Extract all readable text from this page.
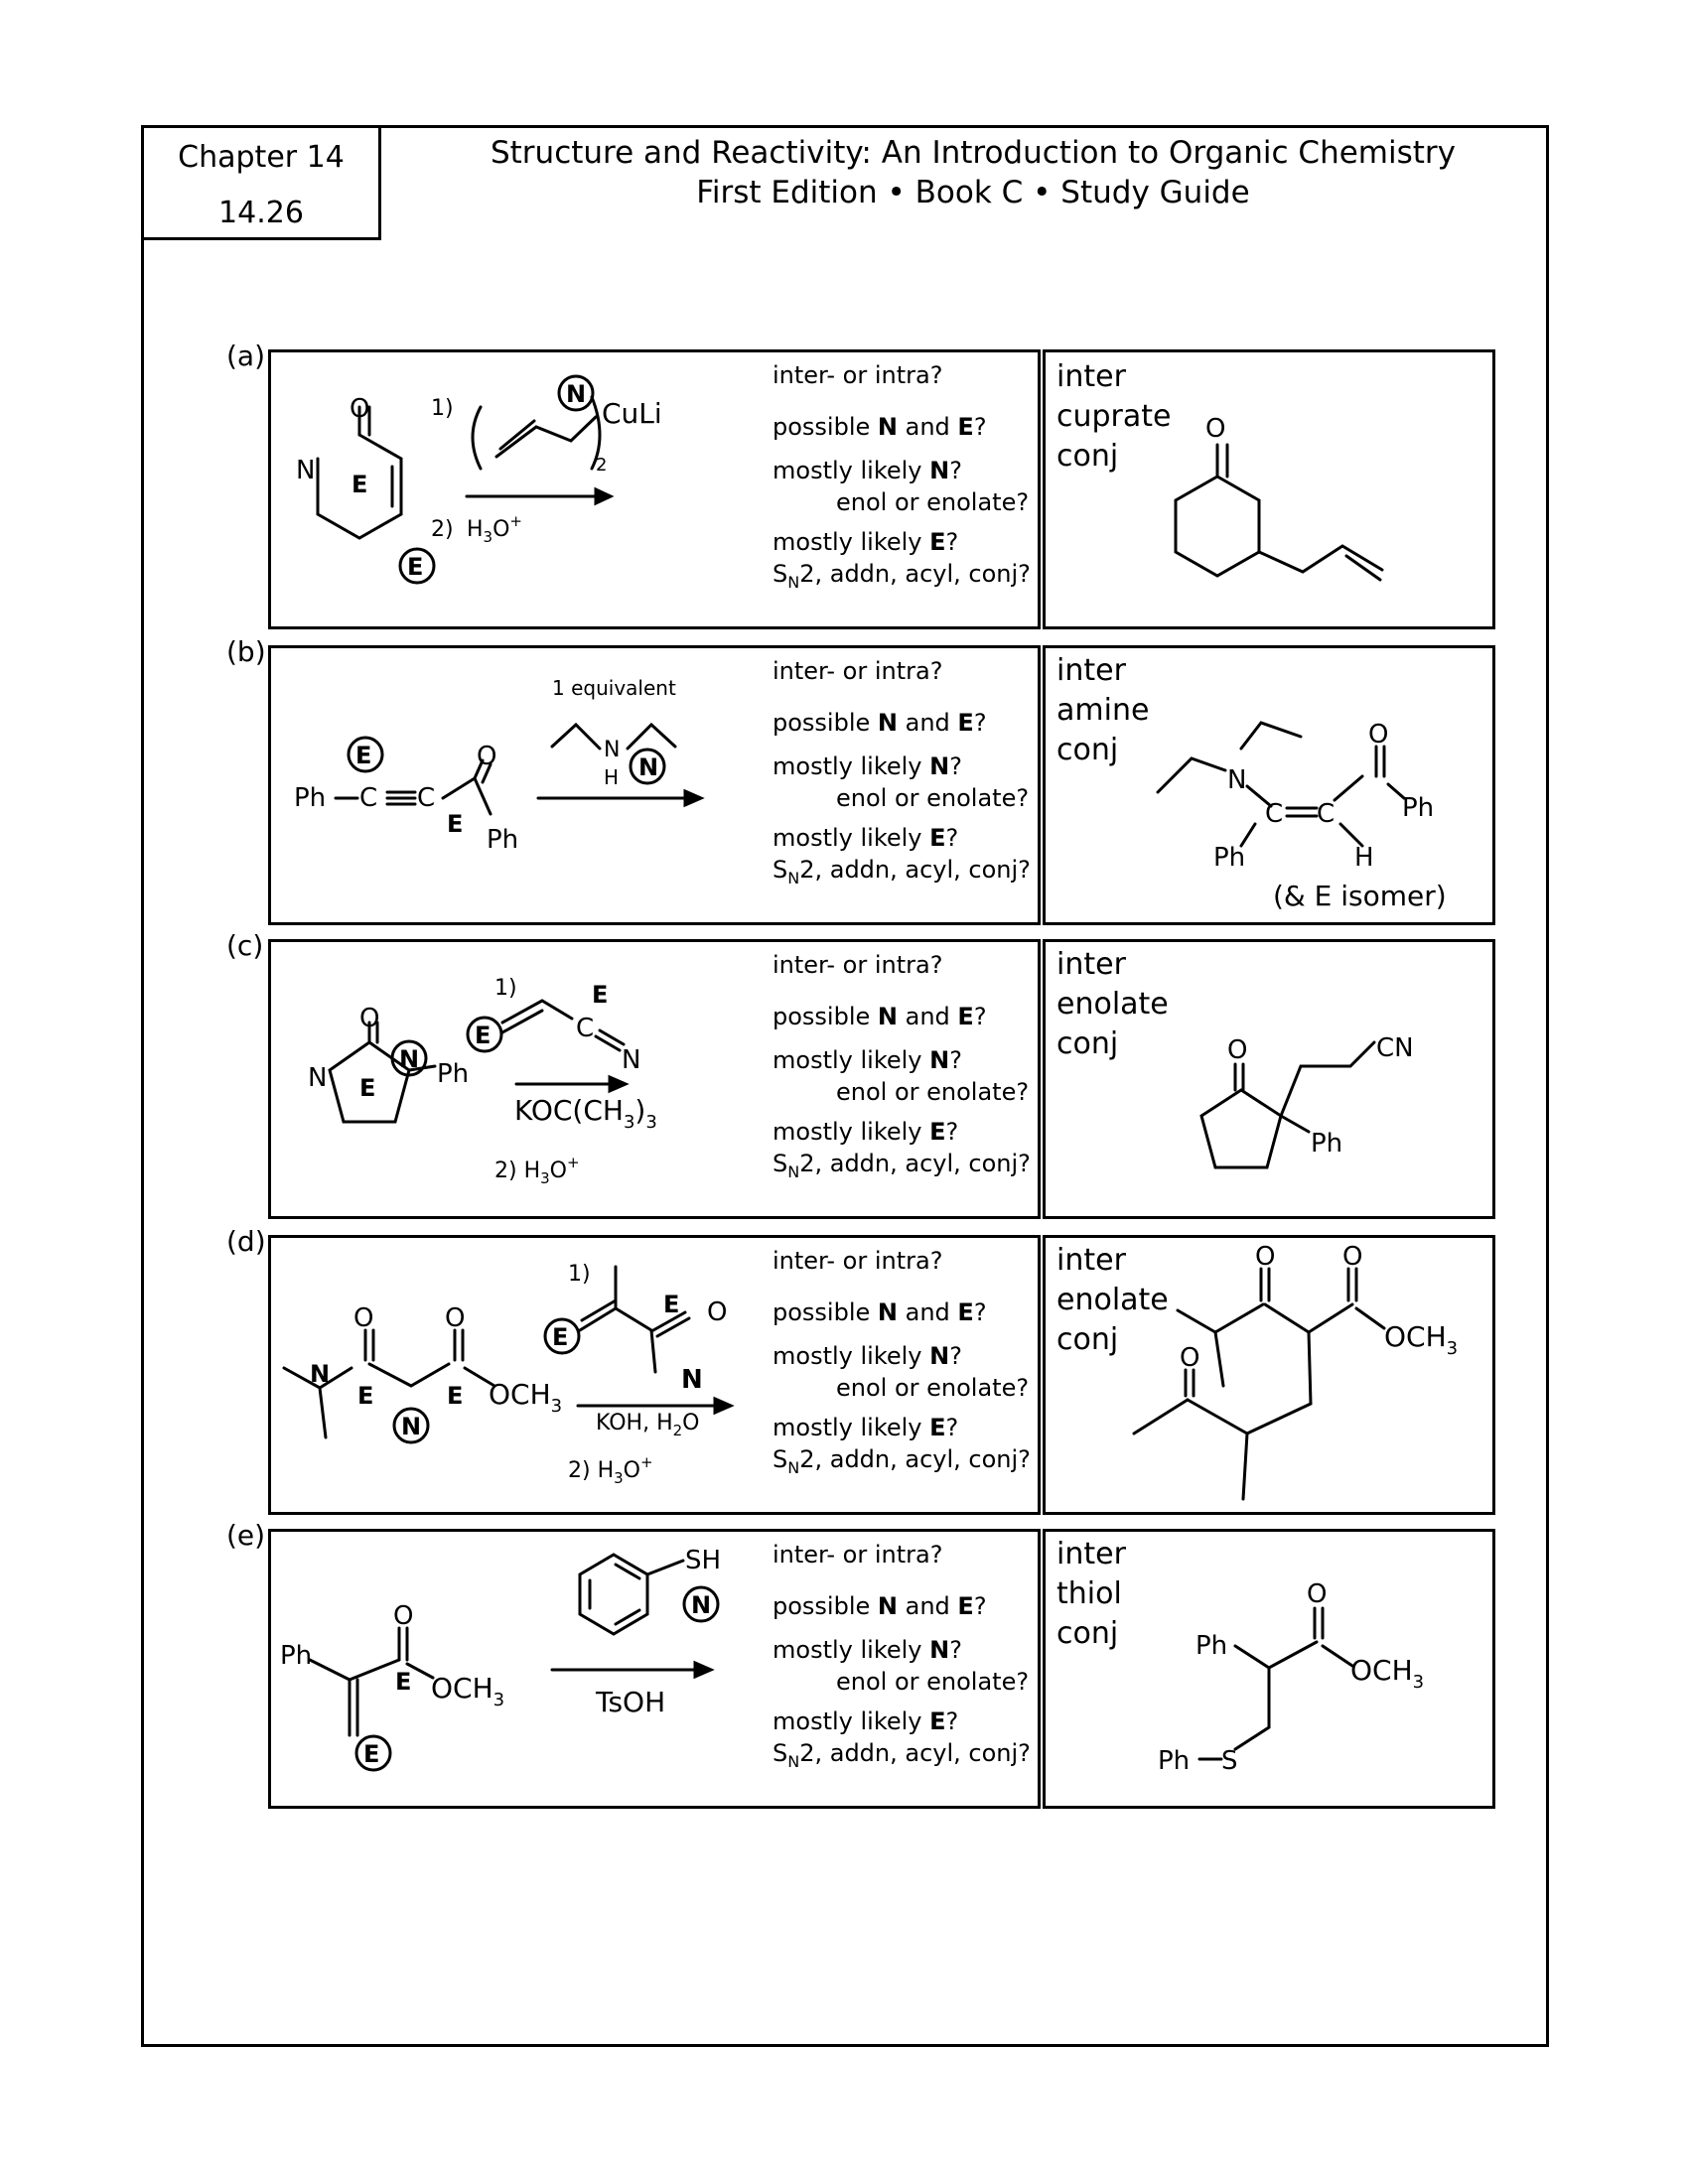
Chapter 14
14.26
Structure and Reactivity: An Introduction to Organic Chemistry
First Edition • Book C • Study Guide
(a)
(b)
(c)
(d)
(e)
inter- or intra?
possible N and E?
mostly likely N?
enol or enolate?
mostly likely E?
$S_N2$, addn, acyl, conj?
inter- or intra?
possible N and E?
mostly likely N?
enol or enolate?
mostly likely E?
$S_N2$, addn, acyl, conj?
inter- or intra?
possible N and E?
mostly likely N?
enol or enolate?
mostly likely E?
$S_N2$, addn, acyl, conj?
inter- or intra?
possible N and E?
mostly likely N?
enol or enolate?
mostly likely E?
$S_N2$, addn, acyl, conj?
inter- or intra?
possible N and E?
mostly likely N?
enol or enolate?
mostly likely E?
$S_N2$, addn, acyl, conj?
inter
cuprate
conj
inter
amine
conj
inter
enolate
conj
inter
enolate
conj
inter
thiol
conj
O
N E
E
1)
N
CuLi
2
2) $H_3O^+$
O
Ph C C
O
E
E
Ph
1 equivalent
N
H N	N
C C
O
Ph
H
Ph
(& E isomer)
O
N E
N Ph
E
1)	E
C
N
$KOC(CH_3)_3$
2) $H_3O^+$
O	CN
Ph
O	O
N
E	E
N
$OCH_3$
1)
E
E O
N
KOH, $H_2O$
2) $H_3O^+$
O	O
O
$OCH_3$
Ph
O
E $OCH_3$
E
SH
N
TsOH
Ph
O
$OCH_3$
Ph S
